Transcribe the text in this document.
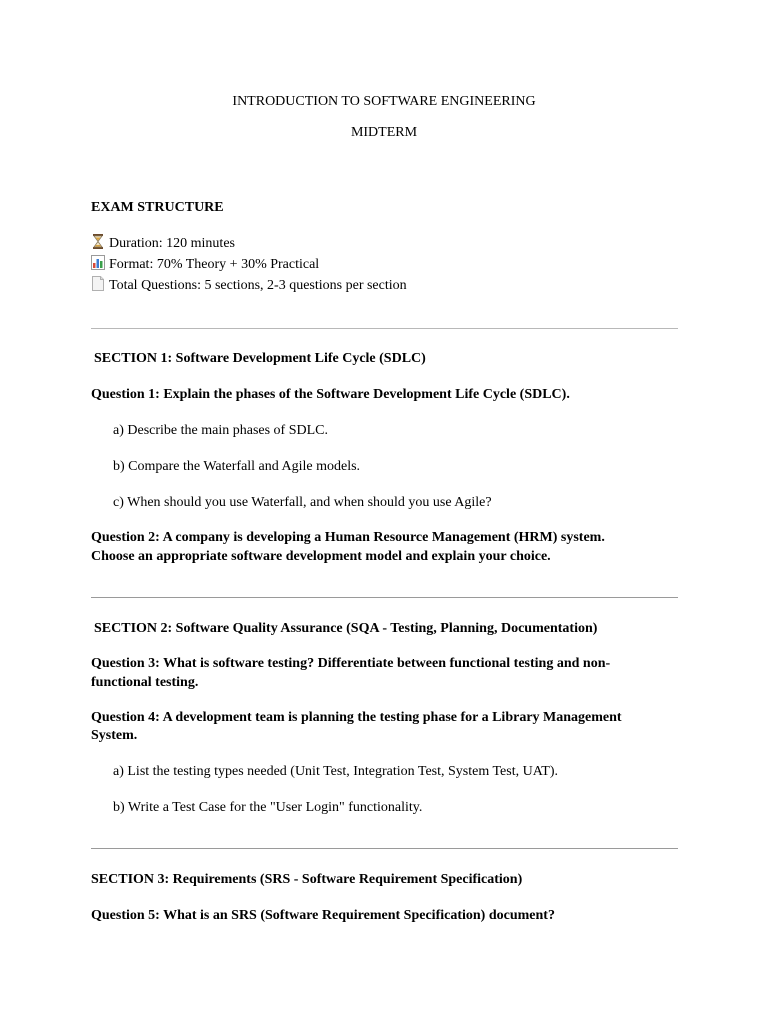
INTRODUCTION TO SOFTWARE ENGINEERING
MIDTERM
EXAM STRUCTURE
Duration: 120 minutes
Format: 70% Theory + 30% Practical
Total Questions: 5 sections, 2-3 questions per section
SECTION 1: Software Development Life Cycle (SDLC)
Question 1: Explain the phases of the Software Development Life Cycle (SDLC).
a) Describe the main phases of SDLC.
b) Compare the Waterfall and Agile models.
c) When should you use Waterfall, and when should you use Agile?
Question 2: A company is developing a Human Resource Management (HRM) system.
Choose an appropriate software development model and explain your choice.
SECTION 2: Software Quality Assurance (SQA - Testing, Planning, Documentation)
Question 3: What is software testing? Differentiate between functional testing and non-
functional testing.
Question 4: A development team is planning the testing phase for a Library Management
System.
a) List the testing types needed (Unit Test, Integration Test, System Test, UAT).
b) Write a Test Case for the "User Login" functionality.
SECTION 3: Requirements (SRS - Software Requirement Specification)
Question 5: What is an SRS (Software Requirement Specification) document?
